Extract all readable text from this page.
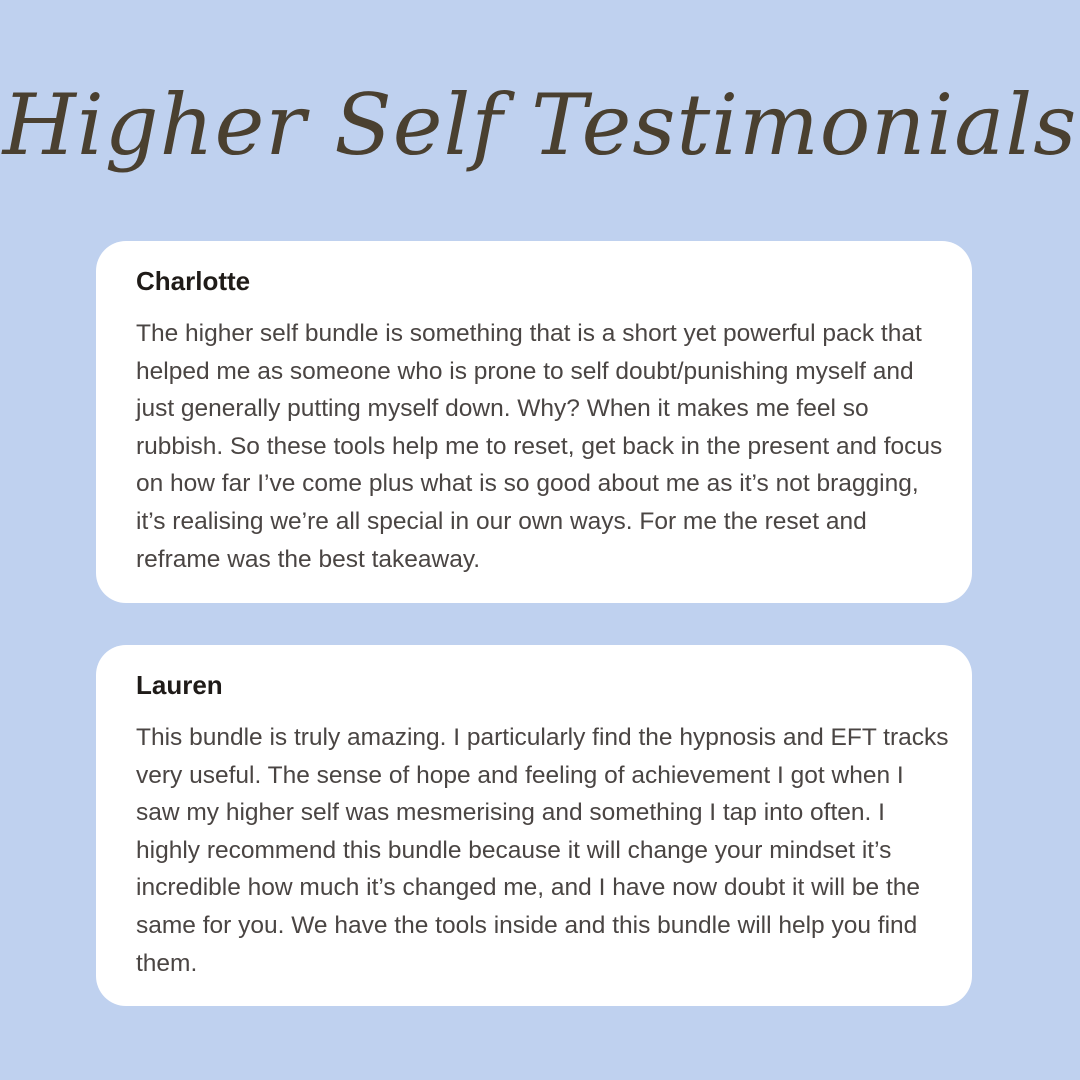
Higher Self Testimonials
Charlotte

The higher self bundle is something that is a short yet powerful pack that helped me as someone who is prone to self doubt/punishing myself and just generally putting myself down. Why? When it makes me feel so rubbish. So these tools help me to reset, get back in the present and focus on how far I’ve come plus what is so good about me as it’s not bragging, it’s realising we’re all special in our own ways. For me the reset and reframe was the best takeaway.

Lauren

This bundle is truly amazing. I particularly find the hypnosis and EFT tracks very useful. The sense of hope and feeling of achievement I got when I saw my higher self was mesmerising and something I tap into often. I highly recommend this bundle because it will change your mindset it’s incredible how much it’s changed me, and I have now doubt it will be the same for you. We have the tools inside and this bundle will help you find them.
